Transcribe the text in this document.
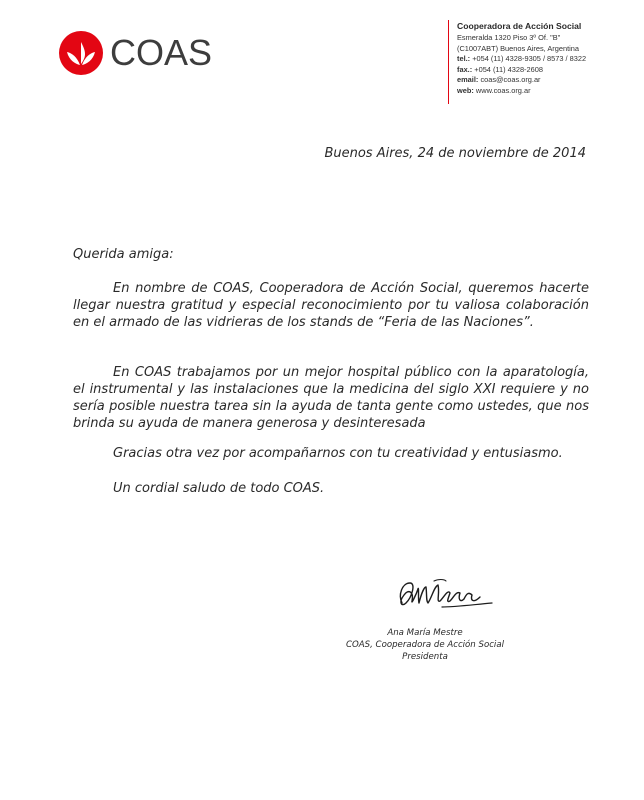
COAS
Cooperadora de Acción Social
Esmeralda 1320 Piso 3º Of. "B"
(C1007ABT) Buenos Aires, Argentina
tel.: +054 (11) 4328-9305 / 8573 / 8322
fax.: +054 (11) 4328-2608
email: coas@coas.org.ar
web: www.coas.org.ar
Buenos Aires, 24 de noviembre de 2014
Querida amiga:

En nombre de COAS, Cooperadora de Acción Social, queremos hacerte llegar nuestra gratitud y especial reconocimiento por tu valiosa colaboración en el armado de las vidrieras de los stands de “Feria de las Naciones”.

En COAS trabajamos por un mejor hospital público con la aparatología, el instrumental y las instalaciones que la medicina del siglo XXI requiere y no sería posible nuestra tarea sin la ayuda de tanta gente como ustedes, que nos brinda su ayuda de manera generosa y desinteresada

Gracias otra vez por acompañarnos con tu creatividad y entusiasmo.

Un cordial saludo de todo COAS.

Ana María Mestre
COAS, Cooperadora de Acción Social
Presidenta
